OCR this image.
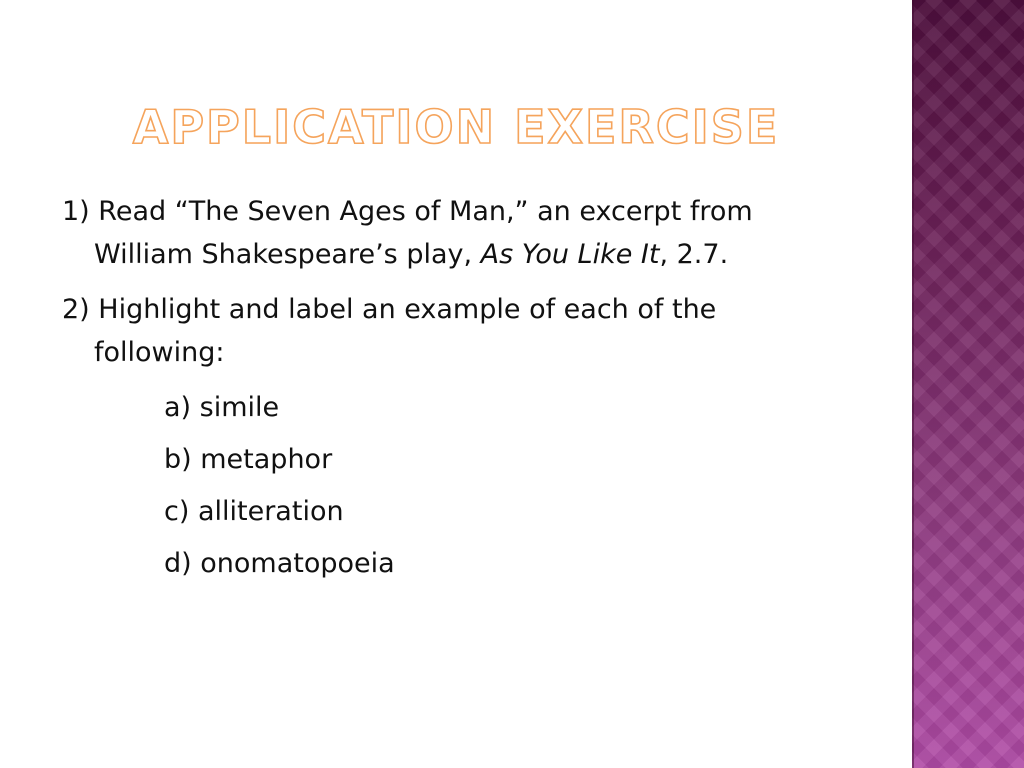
APPLICATION EXERCISE

1) Read “The Seven Ages of Man,” an excerpt from William Shakespeare’s play, As You Like It, 2.7.

2) Highlight and label an example of each of the following:

a) simile
b) metaphor
c) alliteration
d) onomatopoeia
